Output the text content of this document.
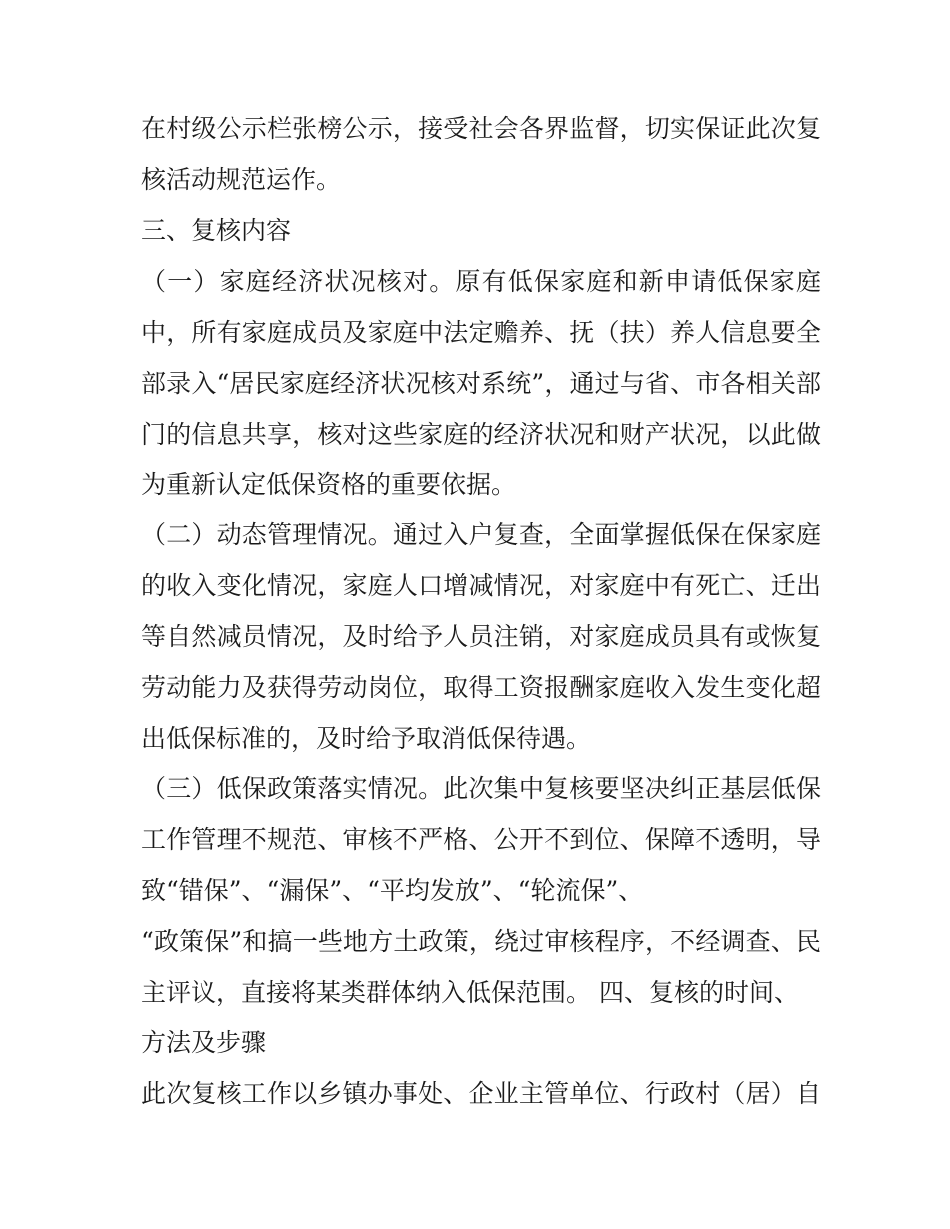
在村级公示栏张榜公示，接受社会各界监督，切实保证此次复
核活动规范运作。
三、复核内容
（一）家庭经济状况核对。原有低保家庭和新申请低保家庭
中，所有家庭成员及家庭中法定赡养、抚（扶）养人信息要全
部录入“居民家庭经济状况核对系统”，通过与省、市各相关部
门的信息共享，核对这些家庭的经济状况和财产状况，以此做
为重新认定低保资格的重要依据。
（二）动态管理情况。通过入户复查，全面掌握低保在保家庭
的收入变化情况，家庭人口增减情况，对家庭中有死亡、迁出
等自然减员情况，及时给予人员注销，对家庭成员具有或恢复
劳动能力及获得劳动岗位，取得工资报酬家庭收入发生变化超
出低保标准的，及时给予取消低保待遇。
（三）低保政策落实情况。此次集中复核要坚决纠正基层低保
工作管理不规范、审核不严格、公开不到位、保障不透明，导
致“错保”、“漏保”、“平均发放”、“轮流保”、
“政策保”和搞一些地方土政策，绕过审核程序，不经调查、民
主评议，直接将某类群体纳入低保范围。 四、复核的时间、
方法及步骤
此次复核工作以乡镇办事处、企业主管单位、行政村（居）自
